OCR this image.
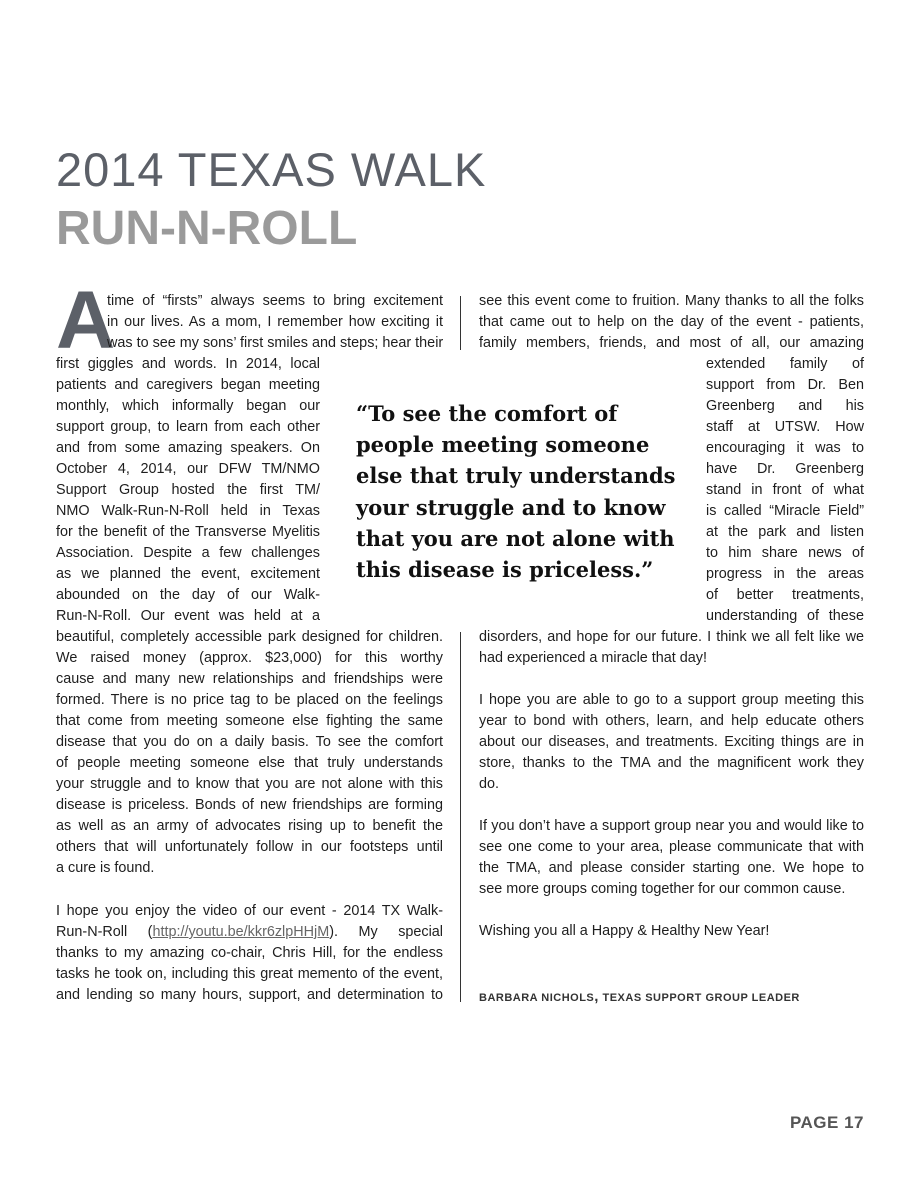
2014 TEXAS WALK
RUN-N-ROLL
A
time of “firsts” always seems to bring excitement
in our lives. As a mom, I remember how exciting it
was to see my sons’ first smiles and steps; hear their
first giggles and words. In 2014, local
patients and caregivers began meeting
monthly, which informally began our
support group, to learn from each other
and from some amazing speakers. On
October 4, 2014, our DFW TM/NMO
Support Group hosted the first TM/
NMO Walk-Run-N-Roll held in Texas
for the benefit of the Transverse Myelitis
Association. Despite a few challenges
as we planned the event, excitement
abounded on the day of our Walk-
Run-N-Roll. Our event was held at a
beautiful, completely accessible park designed for children.
We raised money (approx. $23,000) for this worthy
cause and many new relationships and friendships were
formed. There is no price tag to be placed on the feelings
that come from meeting someone else fighting the same
disease that you do on a daily basis. To see the comfort
of people meeting someone else that truly understands
your struggle and to know that you are not alone with this
disease is priceless. Bonds of new friendships are forming
as well as an army of advocates rising up to benefit the
others that will unfortunately follow in our footsteps until
a cure is found.
I hope you enjoy the video of our event - 2014 TX Walk-
Run-N-Roll (http://youtu.be/kkr6zlpHHjM). My special
thanks to my amazing co-chair, Chris Hill, for the endless
tasks he took on, including this great memento of the event,
and lending so many hours, support, and determination to
see this event come to fruition. Many thanks to all the folks
that came out to help on the day of the event - patients,
family members, friends, and most of all, our amazing
extended family of
support from Dr. Ben
Greenberg and his
staff at UTSW. How
encouraging it was to
have Dr. Greenberg
stand in front of what
is called “Miracle Field”
at the park and listen
to him share news of
progress in the areas
of better treatments,
understanding of these
disorders, and hope for our future. I think we all felt like we
had experienced a miracle that day!
I hope you are able to go to a support group meeting this
year to bond with others, learn, and help educate others
about our diseases, and treatments. Exciting things are in
store, thanks to the TMA and the magnificent work they
do.
If you don’t have a support group near you and would like to
see one come to your area, please communicate that with
the TMA, and please consider starting one. We hope to
see more groups coming together for our common cause.
Wishing you all a Happy & Healthy New Year!
“To see the comfort of
people meeting someone
else that truly understands
your struggle and to know
that you are not alone with
this disease is priceless.”
BARBARA NICHOLS, TEXAS SUPPORT GROUP LEADER
PAGE 17
